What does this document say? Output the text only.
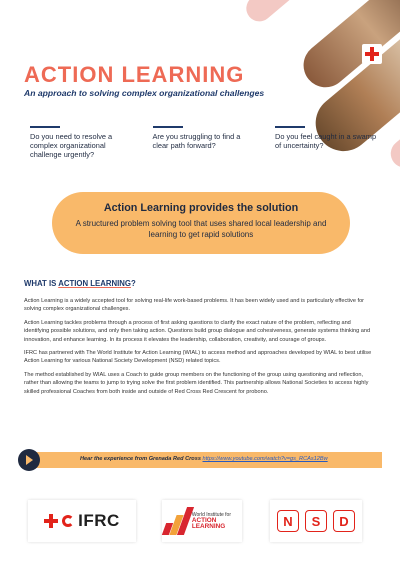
ACTION LEARNING
An approach to solving complex organizational challenges
Do you need to resolve a complex organizational challenge urgently?
Are you struggling to find a clear path forward?
Do you feel caught in a swamp of uncertainty?
Action Learning provides the solution
A structured problem solving tool that uses shared local leadership and learning to get rapid solutions
WHAT IS ACTION LEARNING?

Action Learning is a widely accepted tool for solving real-life work-based problems. It has been widely used and is particularly effective for solving complex organizational challenges.

Action Learning tackles problems through a process of first asking questions to clarify the exact nature of the problem, reflecting and identifying possible solutions, and only then taking action. Questions build group dialogue and cohesiveness, generate systems thinking and innovation, and enhance learning. In its process it elevates the leadership, collaboration, creativity, and courage of groups.

IFRC has partnered with The World Institute for Action Learning (WIAL) to access method and approaches developed by WIAL to best utilise Action Learning for various National Society Development (NSD) related topics.

The method established by WIAL uses a Coach to guide group members on the functioning of the group using questioning and reflection, rather than allowing the teams to jump to trying solve the first problem identified. This partnership allows National Societies to access highly skilled professional Coaches from both inside and outside of Red Cross Red Crescent for probono.

Hear the experience from Grenada Red Cross https://www.youtube.com/watch?v=gs_RCAs12Bw
IFRC	World Institute for
ACTION LEARNING	N	S	D
